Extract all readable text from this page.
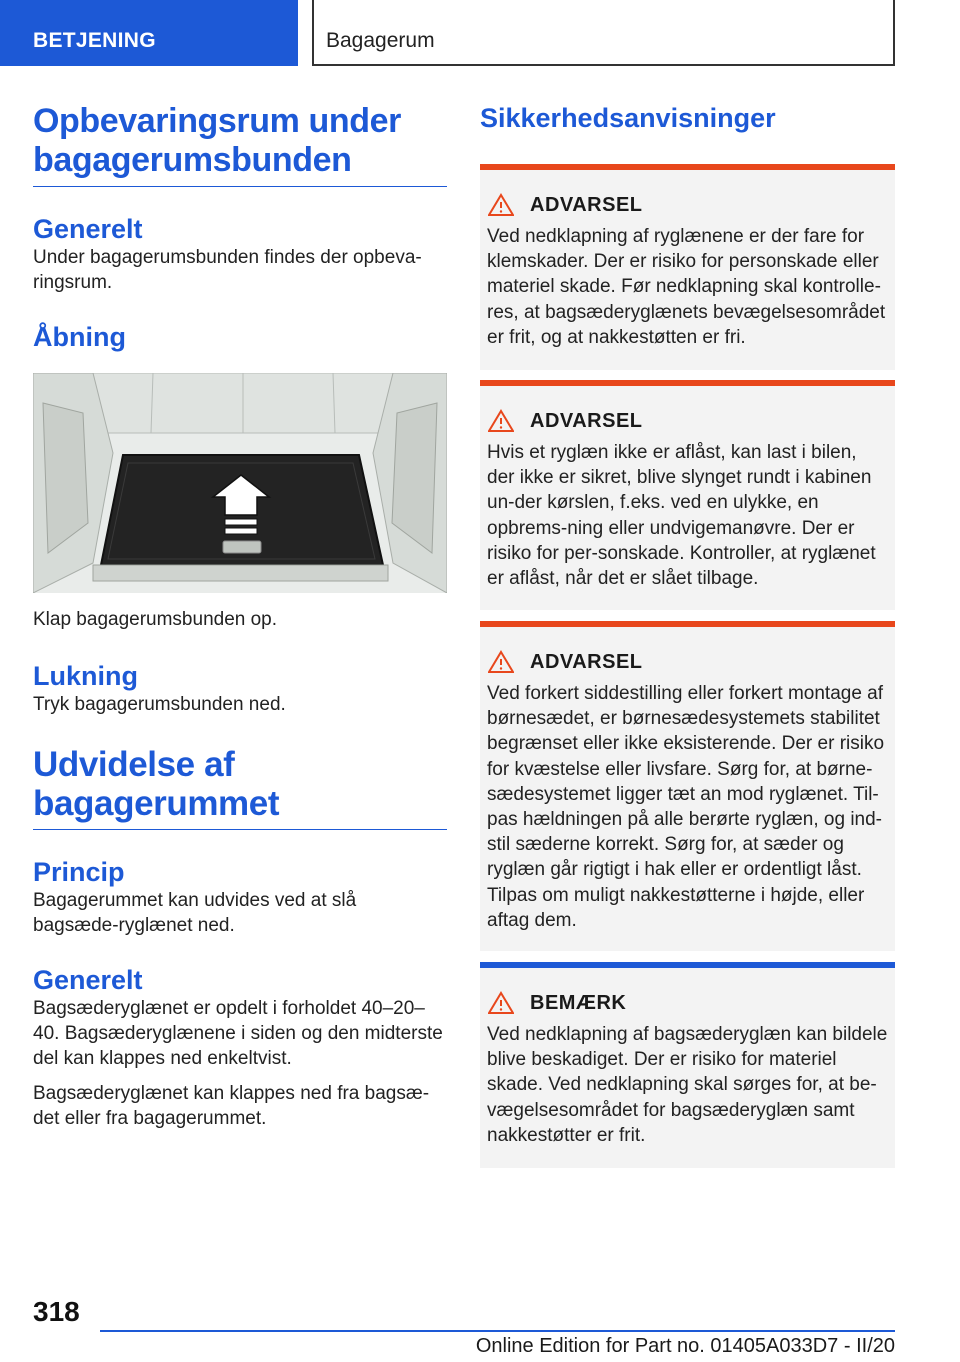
BETJENING	Bagagerum
Opbevaringsrum under bagagerumsbunden
Generelt
Under bagagerumsbunden findes der opbeva-ringsrum.
Åbning
Klap bagagerumsbunden op.
Lukning
Tryk bagagerumsbunden ned.
Udvidelse af bagagerummet
Princip
Bagagerummet kan udvides ved at slå bagsæde-ryglænet ned.
Generelt
Bagsæderyglænet er opdelt i forholdet 40–20–40. Bagsæderyglænene i siden og den midterste del kan klappes ned enkeltvist.
Bagsæderyglænet kan klappes ned fra bagsæ-det eller fra bagagerummet.
Sikkerhedsanvisninger
ADVARSEL
Ved nedklapning af ryglænene er der fare for klemskader. Der er risiko for personskade eller materiel skade. Før nedklapning skal kontrolle-res, at bagsæderyglænets bevægelsesområdet er frit, og at nakkestøtten er fri.
ADVARSEL
Hvis et ryglæn ikke er aflåst, kan last i bilen, der ikke er sikret, blive slynget rundt i kabinen un-der kørslen, f.eks. ved en ulykke, en opbrems-ning eller undvigemanøvre. Der er risiko for per-sonskade. Kontroller, at ryglænet er aflåst, når det er slået tilbage.
ADVARSEL
Ved forkert siddestilling eller forkert montage af børnesædet, er børnesædesystemets stabilitet begrænset eller ikke eksisterende. Der er risiko for kvæstelse eller livsfare. Sørg for, at børne-sædesystemet ligger tæt an mod ryglænet. Til-pas hældningen på alle berørte ryglæn, og ind-stil sæderne korrekt. Sørg for, at sæder og ryglæn går rigtigt i hak eller er ordentligt låst. Tilpas om muligt nakkestøtterne i højde, eller aftag dem.
BEMÆRK
Ved nedklapning af bagsæderyglæn kan bildele blive beskadiget. Der er risiko for materiel skade. Ved nedklapning skal sørges for, at be-vægelsesområdet for bagsæderyglæn samt nakkestøtter er frit.
318
Online Edition for Part no. 01405A033D7 - II/20
